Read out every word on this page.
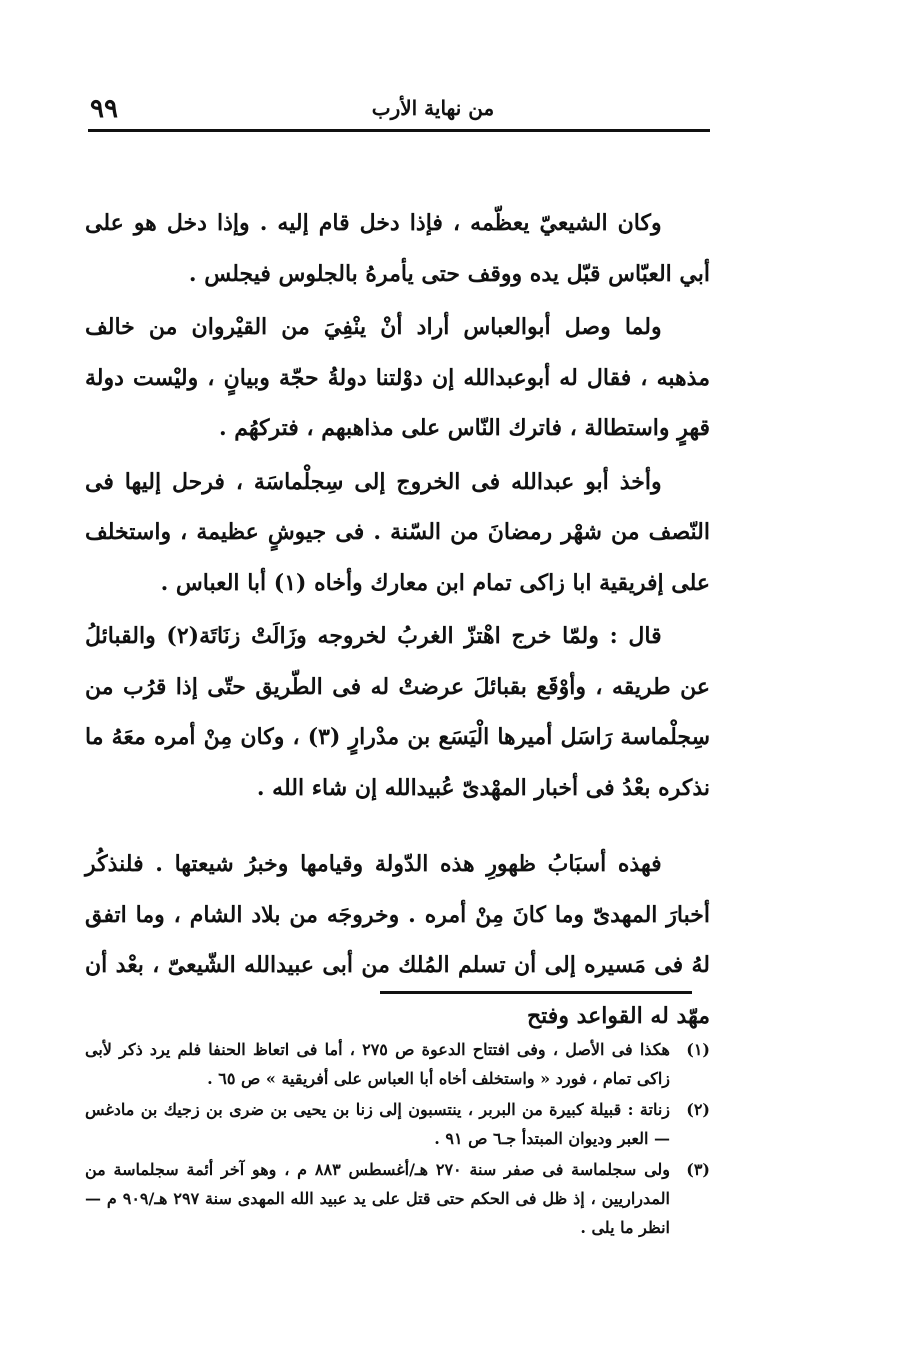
٩٩	من نهاية الأرب

وكان الشيعيّ يعظّمه ، فإذا دخل قام إليه . وإذا دخل هو على أبي العبّاس قبّل يده ووقف حتى يأمرهُ بالجلوس فيجلس .

ولما وصل أبوالعباس أراد أنْ ينْفِيَ من القيْروان من خالف مذهبه ، فقال له أبوعبدالله إن دوْلتنا دولةُ حجّة وبيانٍ ، وليْست دولة قهرٍ واستطالة ، فاترك النّاس على مذاهبهم ، فتركهُم .

وأخذ أبو عبدالله فى الخروج إلى سِجلْماسَة ، فرحل إليها فى النّصف من شهْر رمضانَ من السّنة . فى جيوشٍ عظيمة ، واستخلف على إفريقية ابا زاكى تمام ابن معارك وأخاه (١) أبا العباس .

قال : ولمّا خرج اهْتزّ الغربُ لخروجه وزَالَتْ زنَاتَة(٢) والقبائلُ عن طريقه ، وأوْقَع بقبائلَ عرضتْ له فى الطّريق حتّى إذا قرُب من سِجلْماسة رَاسَل أميرها الْيَسَع بن مدْرارٍ (٣) ، وكان مِنْ أمره معَهُ ما نذكره بعْدُ فى أخبار المهْدىّ عُبيدالله إن شاء الله .

فهذه أسبَابُ ظهورِ هذه الدّولة وقيامها وخبرُ شيعتها . فلنذكُر أخبارَ المهدىّ وما كانَ مِنْ أمره . وخروجَه من بلاد الشام ، وما اتفق لهُ فى مَسيره إلى أن تسلم المُلك من أبى عبيدالله الشّيعىّ ، بعْد أن مهّد له القواعد وفتح

(١)
هكذا فى الأصل ، وفى افتتاح الدعوة ص ٢٧٥ ، أما فى اتعاظ الحنفا فلم يرد ذكر لأبى زاكى تمام ، فورد « واستخلف أخاه أبا العباس على أفريقية » ص ٦٥ .
(٢)
زناتة : قبيلة كبيرة من البربر ، ينتسبون إلى زنا بن يحيى بن ضرى بن زجيك بن مادغس — العبر وديوان المبتدأ جـ٦ ص ٩١ .
(٣)
ولى سجلماسة فى صفر سنة ٢٧٠ هـ/أغسطس ٨٨٣ م ، وهو آخر أئمة سجلماسة من المدراريين ، إذ ظل فى الحكم حتى قتل على يد عبيد الله المهدى سنة ٢٩٧ هـ/٩٠٩ م — انظر ما يلى .
